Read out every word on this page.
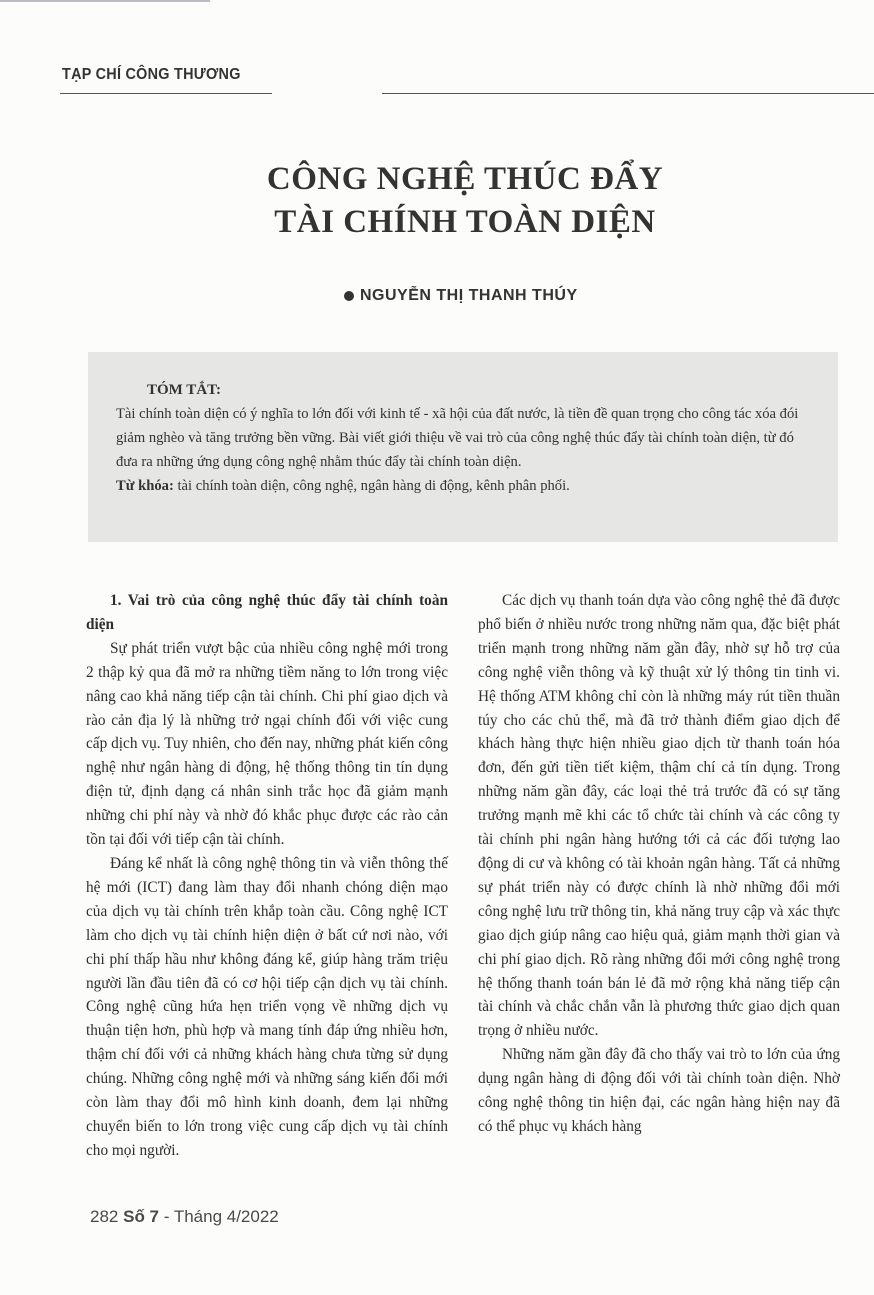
TẠP CHÍ CÔNG THƯƠNG
CÔNG NGHỆ THÚC ĐẨY
TÀI CHÍNH TOÀN DIỆN
NGUYỄN THỊ THANH THÚY
TÓM TẮT:
Tài chính toàn diện có ý nghĩa to lớn đối với kinh tế - xã hội của đất nước, là tiền đề quan trọng cho công tác xóa đói giảm nghèo và tăng trưởng bền vững. Bài viết giới thiệu về vai trò của công nghệ thúc đẩy tài chính toàn diện, từ đó đưa ra những ứng dụng công nghệ nhằm thúc đẩy tài chính toàn diện.
Từ khóa: tài chính toàn diện, công nghệ, ngân hàng di động, kênh phân phối.

1. Vai trò của công nghệ thúc đẩy tài chính toàn diện

Sự phát triển vượt bậc của nhiều công nghệ mới trong 2 thập kỷ qua đã mở ra những tiềm năng to lớn trong việc nâng cao khả năng tiếp cận tài chính. Chi phí giao dịch và rào cản địa lý là những trở ngại chính đối với việc cung cấp dịch vụ. Tuy nhiên, cho đến nay, những phát kiến công nghệ như ngân hàng di động, hệ thống thông tin tín dụng điện tử, định dạng cá nhân sinh trắc học đã giảm mạnh những chi phí này và nhờ đó khắc phục được các rào cản tồn tại đối với tiếp cận tài chính.

Đáng kể nhất là công nghệ thông tin và viễn thông thế hệ mới (ICT) đang làm thay đổi nhanh chóng diện mạo của dịch vụ tài chính trên khắp toàn cầu. Công nghệ ICT làm cho dịch vụ tài chính hiện diện ở bất cứ nơi nào, với chi phí thấp hầu như không đáng kể, giúp hàng trăm triệu người lần đầu tiên đã có cơ hội tiếp cận dịch vụ tài chính. Công nghệ cũng hứa hẹn triển vọng về những dịch vụ thuận tiện hơn, phù hợp và mang tính đáp ứng nhiều hơn, thậm chí đối với cả những khách hàng chưa từng sử dụng chúng. Những công nghệ mới và những sáng kiến đổi mới còn làm thay đổi mô hình kinh doanh, đem lại những chuyển biến to lớn trong việc cung cấp dịch vụ tài chính cho mọi người.

Các dịch vụ thanh toán dựa vào công nghệ thẻ đã được phổ biến ở nhiều nước trong những năm qua, đặc biệt phát triển mạnh trong những năm gần đây, nhờ sự hỗ trợ của công nghệ viễn thông và kỹ thuật xử lý thông tin tinh vi. Hệ thống ATM không chỉ còn là những máy rút tiền thuần túy cho các chủ thể, mà đã trở thành điểm giao dịch để khách hàng thực hiện nhiều giao dịch từ thanh toán hóa đơn, đến gửi tiền tiết kiệm, thậm chí cả tín dụng. Trong những năm gần đây, các loại thẻ trả trước đã có sự tăng trưởng mạnh mẽ khi các tổ chức tài chính và các công ty tài chính phi ngân hàng hướng tới cả các đối tượng lao động di cư và không có tài khoản ngân hàng. Tất cả những sự phát triển này có được chính là nhờ những đổi mới công nghệ lưu trữ thông tin, khả năng truy cập và xác thực giao dịch giúp nâng cao hiệu quả, giảm mạnh thời gian và chi phí giao dịch. Rõ ràng những đổi mới công nghệ trong hệ thống thanh toán bán lẻ đã mở rộng khả năng tiếp cận tài chính và chắc chắn vẫn là phương thức giao dịch quan trọng ở nhiều nước.

Những năm gần đây đã cho thấy vai trò to lớn của ứng dụng ngân hàng di động đối với tài chính toàn diện. Nhờ công nghệ thông tin hiện đại, các ngân hàng hiện nay đã có thể phục vụ khách hàng

282 Số 7 - Tháng 4/2022
